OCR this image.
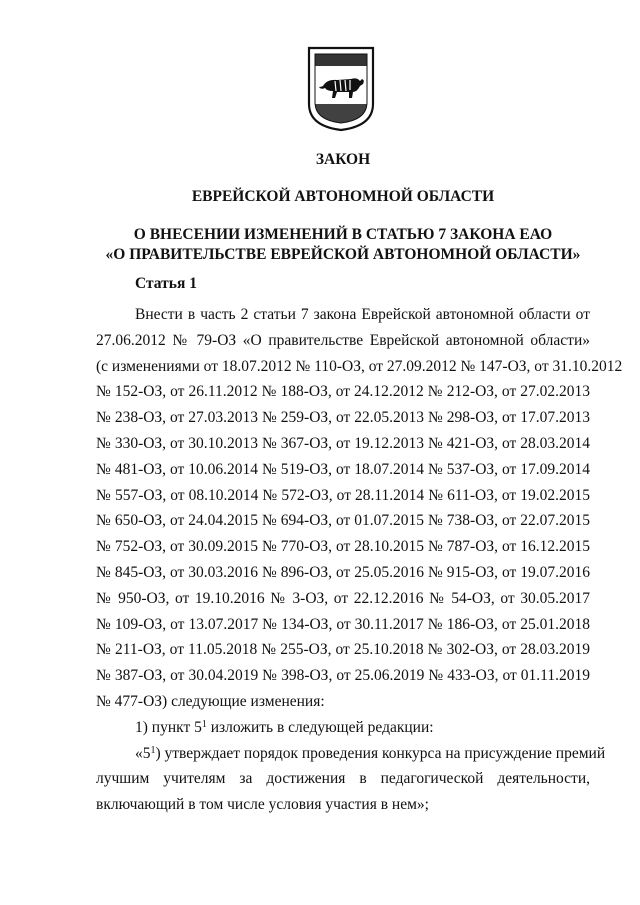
ЗАКОН

ЕВРЕЙСКОЙ АВТОНОМНОЙ ОБЛАСТИ

О ВНЕСЕНИИ ИЗМЕНЕНИЙ В СТАТЬЮ 7 ЗАКОНА ЕАО

«О ПРАВИТЕЛЬСТВЕ ЕВРЕЙСКОЙ АВТОНОМНОЙ ОБЛАСТИ»

Статья 1

Внести в часть 2 статьи 7 закона Еврейской автономной области от

27.06.2012 № 79-ОЗ «О правительстве Еврейской автономной области»

(с изменениями от 18.07.2012 № 110-ОЗ, от 27.09.2012 № 147-ОЗ, от 31.10.2012

№ 152-ОЗ, от 26.11.2012 № 188-ОЗ, от 24.12.2012 № 212-ОЗ, от 27.02.2013

№ 238-ОЗ, от 27.03.2013 № 259-ОЗ, от 22.05.2013 № 298-ОЗ, от 17.07.2013

№ 330-ОЗ, от 30.10.2013 № 367-ОЗ, от 19.12.2013 № 421-ОЗ, от 28.03.2014

№ 481-ОЗ, от 10.06.2014 № 519-ОЗ, от 18.07.2014 № 537-ОЗ, от 17.09.2014

№ 557-ОЗ, от 08.10.2014 № 572-ОЗ, от 28.11.2014 № 611-ОЗ, от 19.02.2015

№ 650-ОЗ, от 24.04.2015 № 694-ОЗ, от 01.07.2015 № 738-ОЗ, от 22.07.2015

№ 752-ОЗ, от 30.09.2015 № 770-ОЗ, от 28.10.2015 № 787-ОЗ, от 16.12.2015

№ 845-ОЗ, от 30.03.2016 № 896-ОЗ, от 25.05.2016 № 915-ОЗ, от 19.07.2016

№ 950-ОЗ, от 19.10.2016 № 3-ОЗ, от 22.12.2016 № 54-ОЗ, от 30.05.2017

№ 109-ОЗ, от 13.07.2017 № 134-ОЗ, от 30.11.2017 № 186-ОЗ, от 25.01.2018

№ 211-ОЗ, от 11.05.2018 № 255-ОЗ, от 25.10.2018 № 302-ОЗ, от 28.03.2019

№ 387-ОЗ, от 30.04.2019 № 398-ОЗ, от 25.06.2019 № 433-ОЗ, от 01.11.2019

№ 477-ОЗ) следующие изменения:

1) пункт $5^1$ изложить в следующей редакции:

«$5^1$) утверждает порядок проведения конкурса на присуждение премий

лучшим учителям за достижения в педагогической деятельности,

включающий в том числе условия участия в нем»;
